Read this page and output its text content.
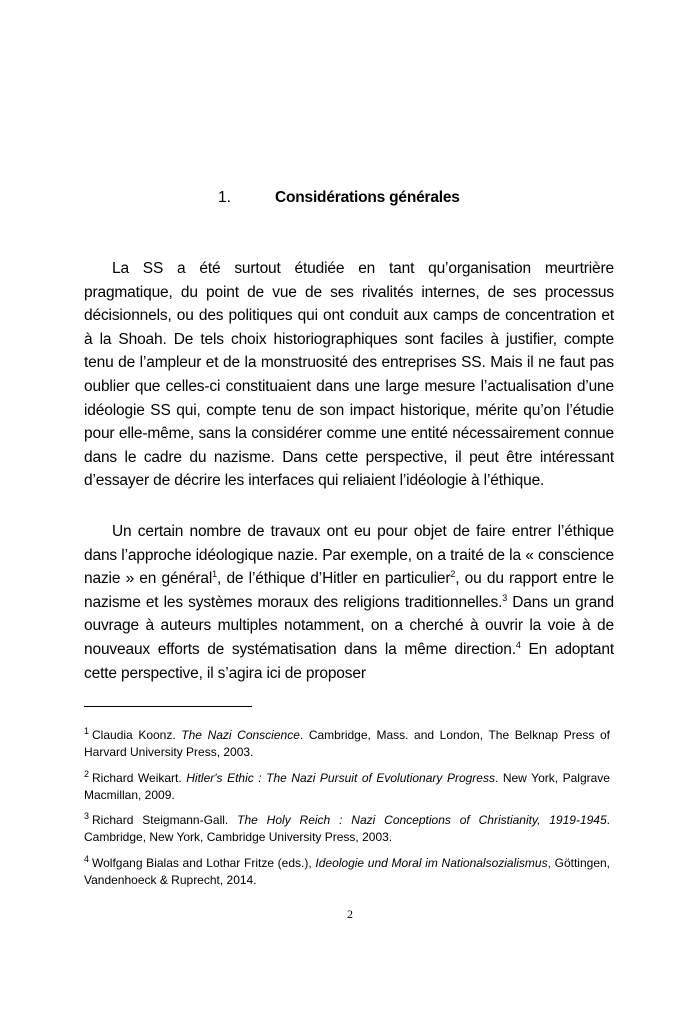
1.	Considérations générales

La SS a été surtout étudiée en tant qu’organisation meurtrière pragmatique, du point de vue de ses rivalités internes, de ses processus décisionnels, ou des politiques qui ont conduit aux camps de concentration et à la Shoah. De tels choix historiographiques sont faciles à justifier, compte tenu de l’ampleur et de la monstruosité des entreprises SS. Mais il ne faut pas oublier que celles-ci constituaient dans une large mesure l’actualisation d’une idéologie SS qui, compte tenu de son impact historique, mérite qu’on l’étudie pour elle-même, sans la considérer comme une entité nécessairement connue dans le cadre du nazisme. Dans cette perspective, il peut être intéressant d’essayer de décrire les interfaces qui reliaient l’idéologie à l’éthique.

Un certain nombre de travaux ont eu pour objet de faire entrer l’éthique dans l’approche idéologique nazie. Par exemple, on a traité de la « conscience nazie » en général$^1$, de l’éthique d’Hitler en particulier$^2$, ou du rapport entre le nazisme et les systèmes moraux des religions traditionnelles.$^3$ Dans un grand ouvrage à auteurs multiples notamment, on a cherché à ouvrir la voie à de nouveaux efforts de systématisation dans la même direction.$^4$ En adoptant cette perspective, il s’agira ici de proposer

$^1$ Claudia Koonz. The Nazi Conscience. Cambridge, Mass. and London, The Belknap Press of Harvard University Press, 2003.

$^2$ Richard Weikart. Hitler's Ethic : The Nazi Pursuit of Evolutionary Progress. New York, Palgrave Macmillan, 2009.

$^3$ Richard Steigmann-Gall. The Holy Reich : Nazi Conceptions of Christianity, 1919-1945. Cambridge, New York, Cambridge University Press, 2003.

$^4$ Wolfgang Bialas and Lothar Fritze (eds.), Ideologie und Moral im Nationalsozialismus, Göttingen, Vandenhoeck & Ruprecht, 2014.

2
